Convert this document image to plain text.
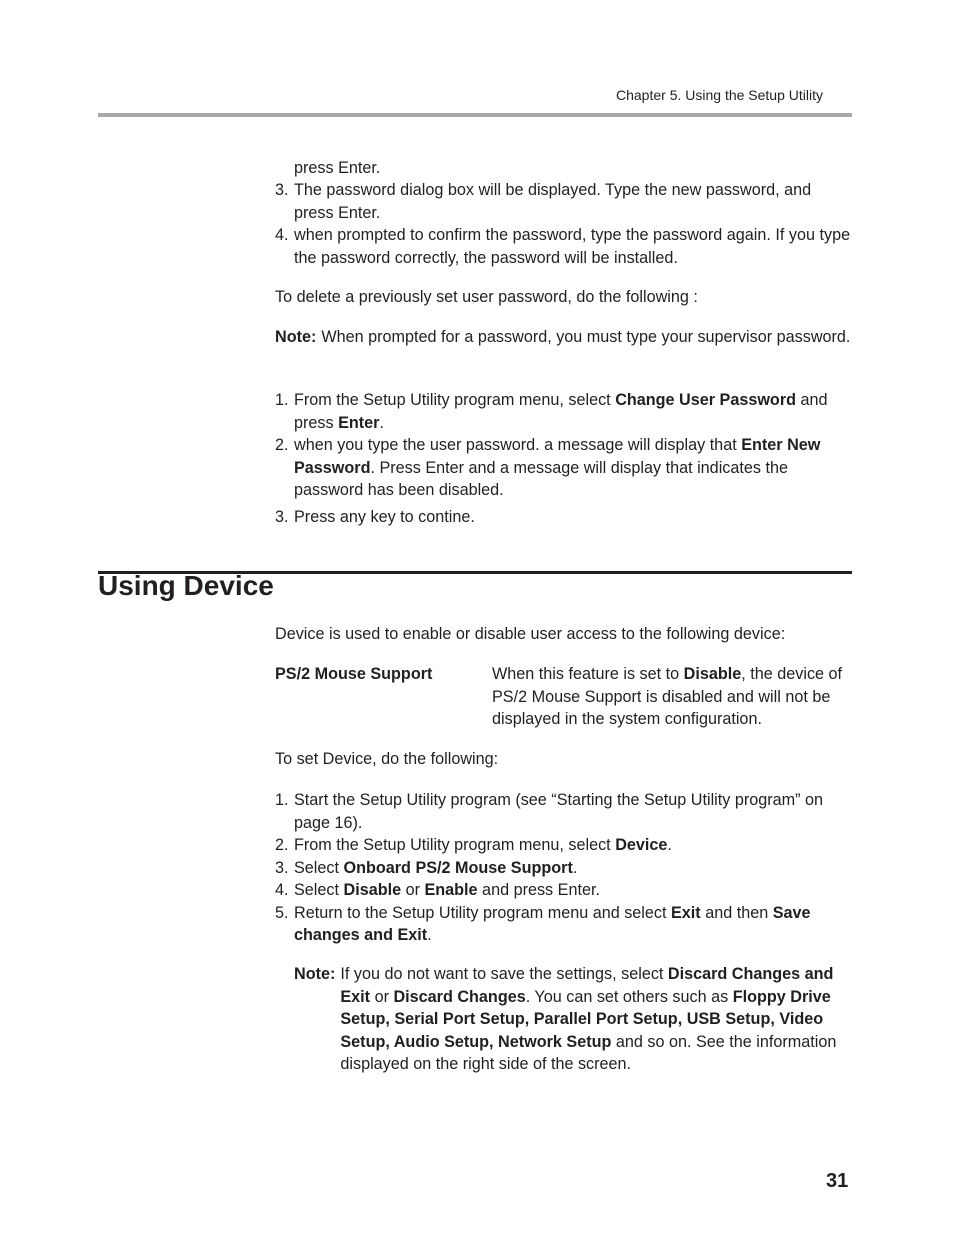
Chapter 5. Using the Setup Utility
press Enter.
3. The password dialog box will be displayed. Type the new password, and press Enter.
4. when prompted to confirm the password, type the password again. If you type the password correctly, the password will be installed.
To delete a previously set user password, do the following :
Note: When prompted for a password, you must type your supervisor password.
1. From the Setup Utility program menu, select Change User Password and press Enter.
2. when you type the user password. a message will display that Enter New Password. Press Enter and a message will display that indicates the password has been disabled.
3. Press any key to contine.
Using Device
Device is used to enable or disable user access to the following device:
PS/2 Mouse Support	When this feature is set to Disable, the device of PS/2 Mouse Support is disabled and will not be displayed in the system configuration.
To set Device, do the following:
1. Start the Setup Utility program (see “Starting the Setup Utility program” on page 16).
2. From the Setup Utility program menu, select Device.
3. Select Onboard PS/2 Mouse Support.
4. Select Disable or Enable and press Enter.
5. Return to the Setup Utility program menu and select Exit and then Save changes and Exit.
Note: If you do not want to save the settings, select Discard Changes and Exit or Discard Changes. You can set others such as Floppy Drive Setup, Serial Port Setup, Parallel Port Setup, USB Setup, Video Setup, Audio Setup, Network Setup and so on. See the information displayed on the right side of the screen.
31
